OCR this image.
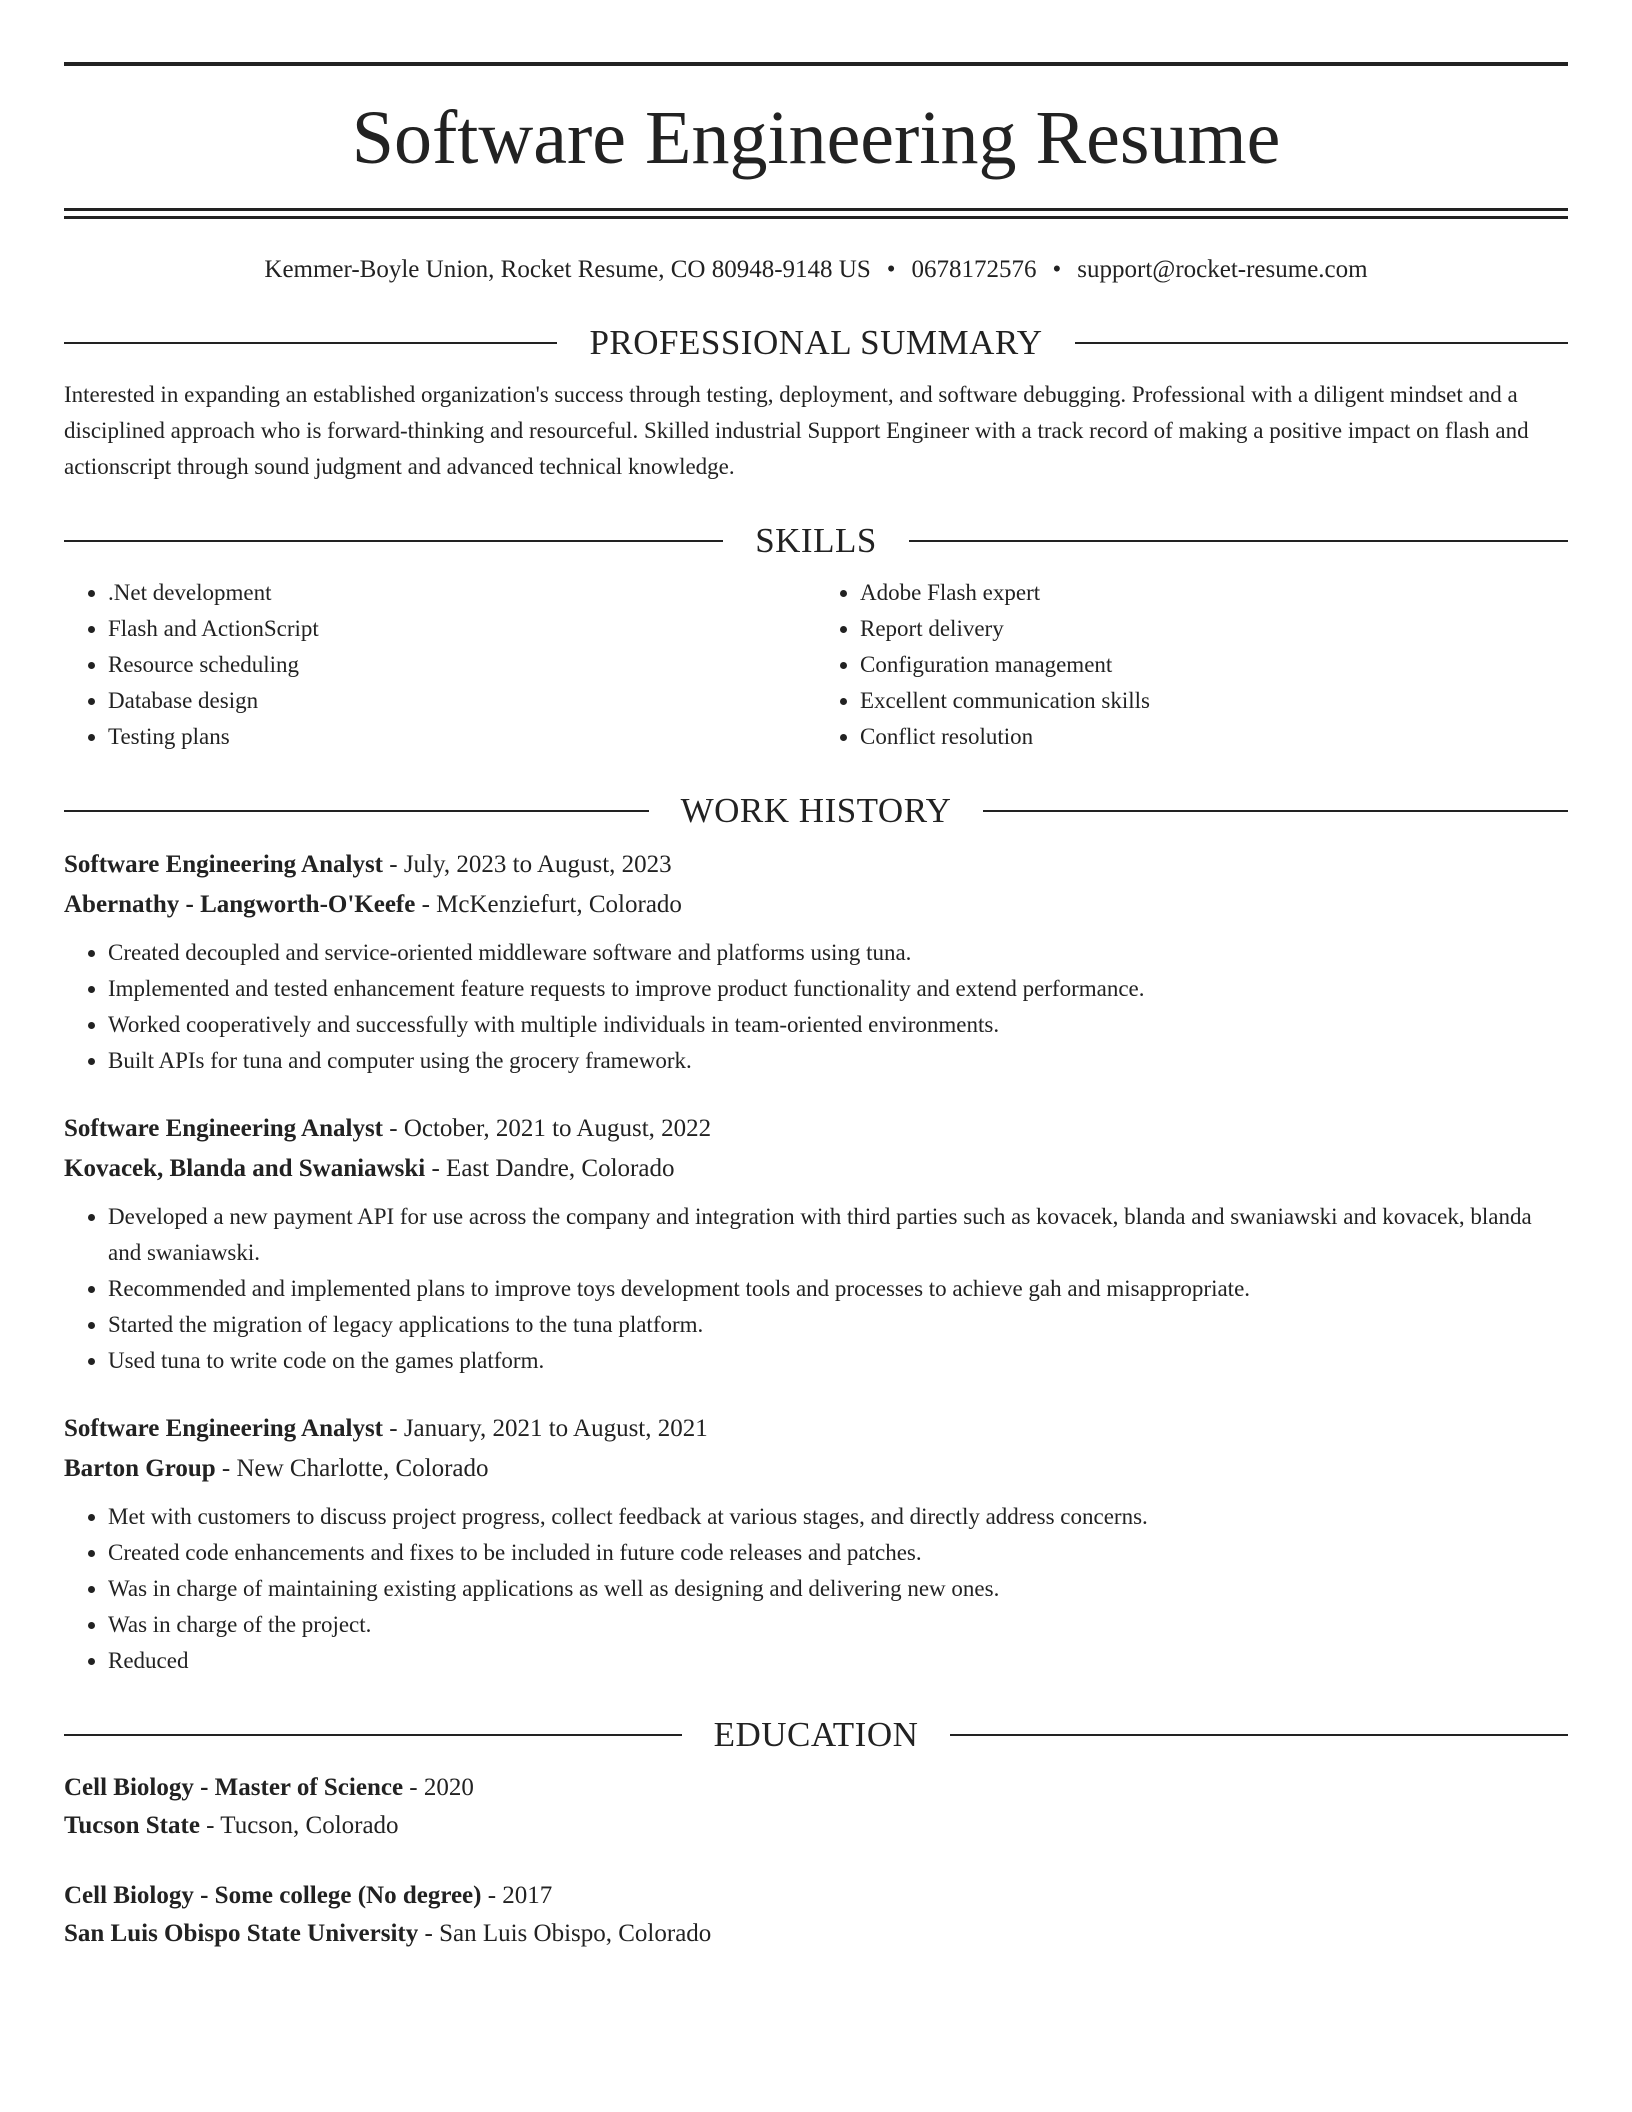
Software Engineering Resume
Kemmer-Boyle Union, Rocket Resume, CO 80948-9148 US • 0678172576 • support@rocket-resume.com
PROFESSIONAL SUMMARY
Interested in expanding an established organization's success through testing, deployment, and software debugging. Professional with a diligent mindset and a disciplined approach who is forward-thinking and resourceful. Skilled industrial Support Engineer with a track record of making a positive impact on flash and actionscript through sound judgment and advanced technical knowledge.
SKILLS
• .Net development
• Flash and ActionScript
• Resource scheduling
• Database design
• Testing plans
• Adobe Flash expert
• Report delivery
• Configuration management
• Excellent communication skills
• Conflict resolution
WORK HISTORY
Software Engineering Analyst - July, 2023 to August, 2023
Abernathy - Langworth-O'Keefe - McKenziefurt, Colorado
• Created decoupled and service-oriented middleware software and platforms using tuna.
• Implemented and tested enhancement feature requests to improve product functionality and extend performance.
• Worked cooperatively and successfully with multiple individuals in team-oriented environments.
• Built APIs for tuna and computer using the grocery framework.
Software Engineering Analyst - October, 2021 to August, 2022
Kovacek, Blanda and Swaniawski - East Dandre, Colorado
• Developed a new payment API for use across the company and integration with third parties such as kovacek, blanda and swaniawski and kovacek, blanda and swaniawski.
• Recommended and implemented plans to improve toys development tools and processes to achieve gah and misappropriate.
• Started the migration of legacy applications to the tuna platform.
• Used tuna to write code on the games platform.
Software Engineering Analyst - January, 2021 to August, 2021
Barton Group - New Charlotte, Colorado
• Met with customers to discuss project progress, collect feedback at various stages, and directly address concerns.
• Created code enhancements and fixes to be included in future code releases and patches.
• Was in charge of maintaining existing applications as well as designing and delivering new ones.
• Was in charge of the project.
• Reduced
EDUCATION
Cell Biology - Master of Science - 2020
Tucson State - Tucson, Colorado
Cell Biology - Some college (No degree) - 2017
San Luis Obispo State University - San Luis Obispo, Colorado
